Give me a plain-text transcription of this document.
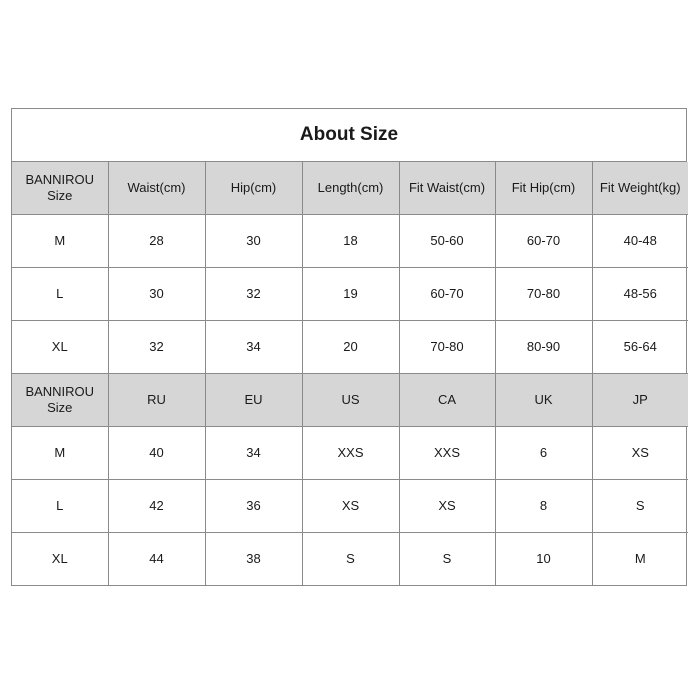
About Size
BANNIROU
Size	Waist(cm)	Hip(cm)	Length(cm)	Fit Waist(cm)	Fit Hip(cm)	Fit Weight(kg)
M	28	30	18	50-60	60-70	40-48
L	30	32	19	60-70	70-80	48-56
XL	32	34	20	70-80	80-90	56-64
BANNIROU
Size	RU	EU	US	CA	UK	JP
M	40	34	XXS	XXS	6	XS
L	42	36	XS	XS	8	S
XL	44	38	S	S	10	M
